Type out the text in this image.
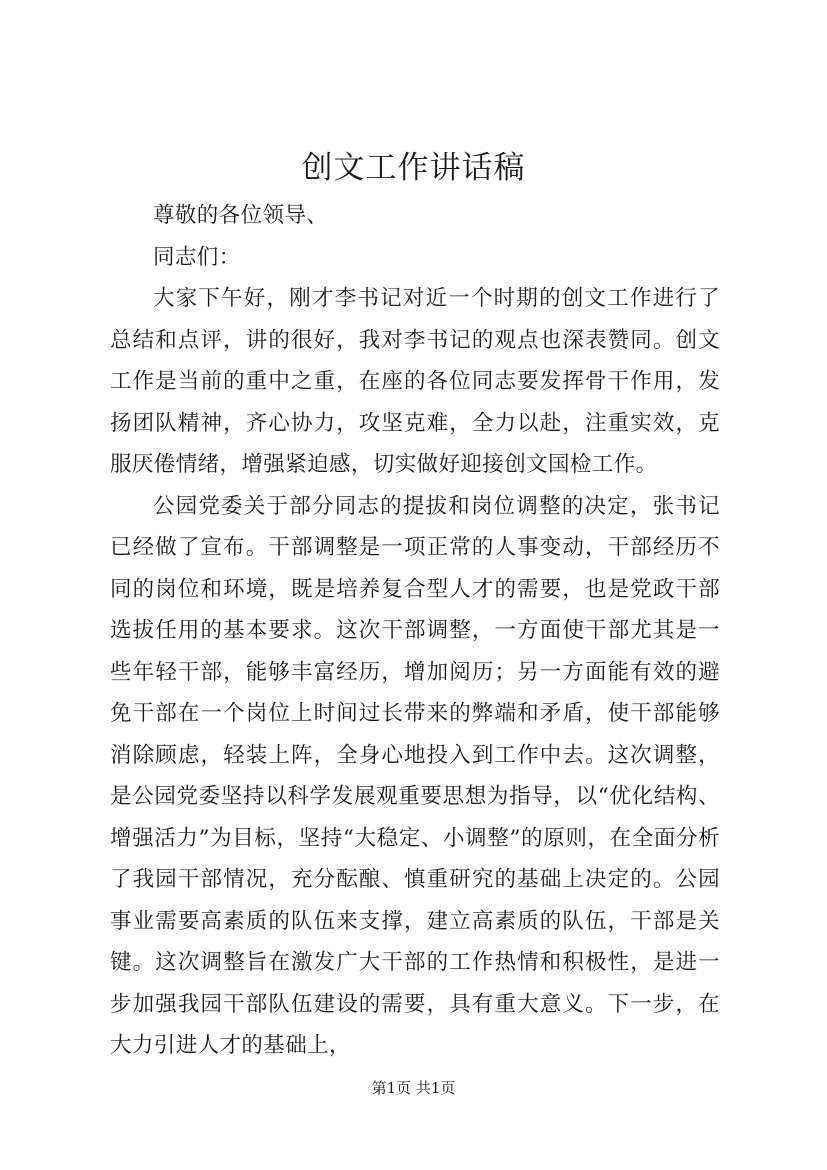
创文工作讲话稿

尊敬的各位领导、

同志们：

大家下午好，刚才李书记对近一个时期的创文工作进行了总结和点评，讲的很好，我对李书记的观点也深表赞同。创文工作是当前的重中之重，在座的各位同志要发挥骨干作用，发扬团队精神，齐心协力，攻坚克难，全力以赴，注重实效，克服厌倦情绪，增强紧迫感，切实做好迎接创文国检工作。

公园党委关于部分同志的提拔和岗位调整的决定，张书记已经做了宣布。干部调整是一项正常的人事变动，干部经历不同的岗位和环境，既是培养复合型人才的需要，也是党政干部选拔任用的基本要求。这次干部调整，一方面使干部尤其是一些年轻干部，能够丰富经历，增加阅历；另一方面能有效的避免干部在一个岗位上时间过长带来的弊端和矛盾，使干部能够消除顾虑，轻装上阵，全身心地投入到工作中去。这次调整，是公园党委坚持以科学发展观重要思想为指导，以“优化结构、增强活力”为目标，坚持“大稳定、小调整”的原则，在全面分析了我园干部情况，充分酝酿、慎重研究的基础上决定的。公园事业需要高素质的队伍来支撑，建立高素质的队伍，干部是关键。这次调整旨在激发广大干部的工作热情和积极性，是进一步加强我园干部队伍建设的需要，具有重大意义。下一步，在大力引进人才的基础上，

第1页 共1页
